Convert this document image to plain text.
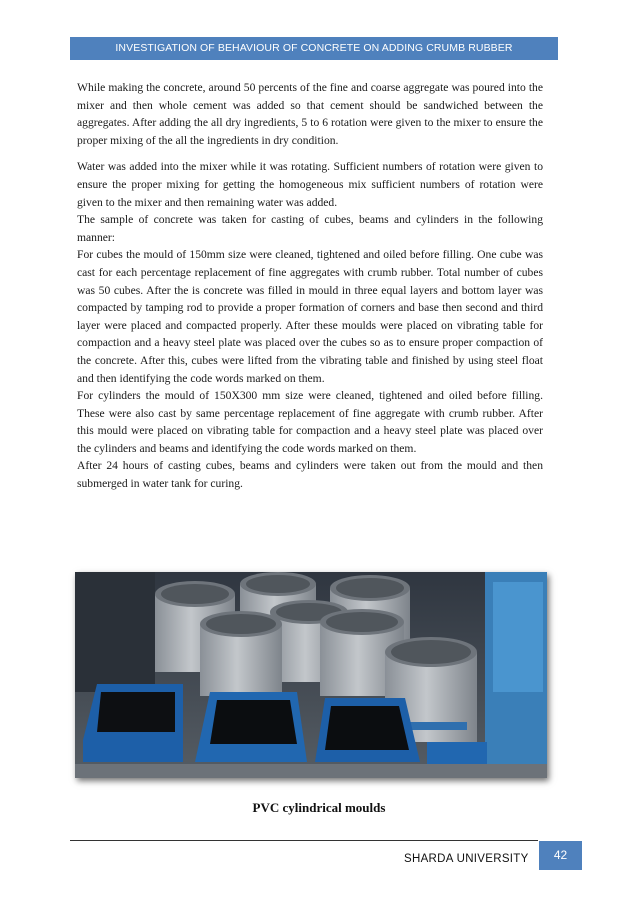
INVESTIGATION OF BEHAVIOUR OF CONCRETE ON ADDING CRUMB RUBBER

While making the concrete, around 50 percents of the fine and coarse aggregate was poured into the mixer and then whole cement was added so that cement should be sandwiched between the aggregates. After adding the all dry ingredients, 5 to 6 rotation were given to the mixer to ensure the proper mixing of the all the ingredients in dry condition.

Water was added into the mixer while it was rotating. Sufficient numbers of rotation were given to ensure the proper mixing for getting the homogeneous mix sufficient numbers of rotation were given to the mixer and then remaining water was added.

The sample of concrete was taken for casting of cubes, beams and cylinders in the following manner:

For cubes the mould of 150mm size were cleaned, tightened and oiled before filling. One cube was cast for each percentage replacement of fine aggregates with crumb rubber. Total number of cubes was 50 cubes. After the is concrete was filled in mould in three equal layers and bottom layer was compacted by tamping rod to provide a proper formation of corners and base then second and third layer were placed and compacted properly. After these moulds were placed on vibrating table for compaction and a heavy steel plate was placed over the cubes so as to ensure proper compaction of the concrete. After this, cubes were lifted from the vibrating table and finished by using steel float and then identifying the code words marked on them.

For cylinders the mould of 150X300 mm size were cleaned, tightened and oiled before filling. These were also cast by same percentage replacement of fine aggregate with crumb rubber. After this mould were placed on vibrating table for compaction and a heavy steel plate was placed over the cylinders and beams and identifying the code words marked on them.

After 24 hours of casting cubes, beams and cylinders were taken out from the mould and then submerged in water tank for curing.

PVC cylindrical moulds
SHARDA UNIVERSITY	42
